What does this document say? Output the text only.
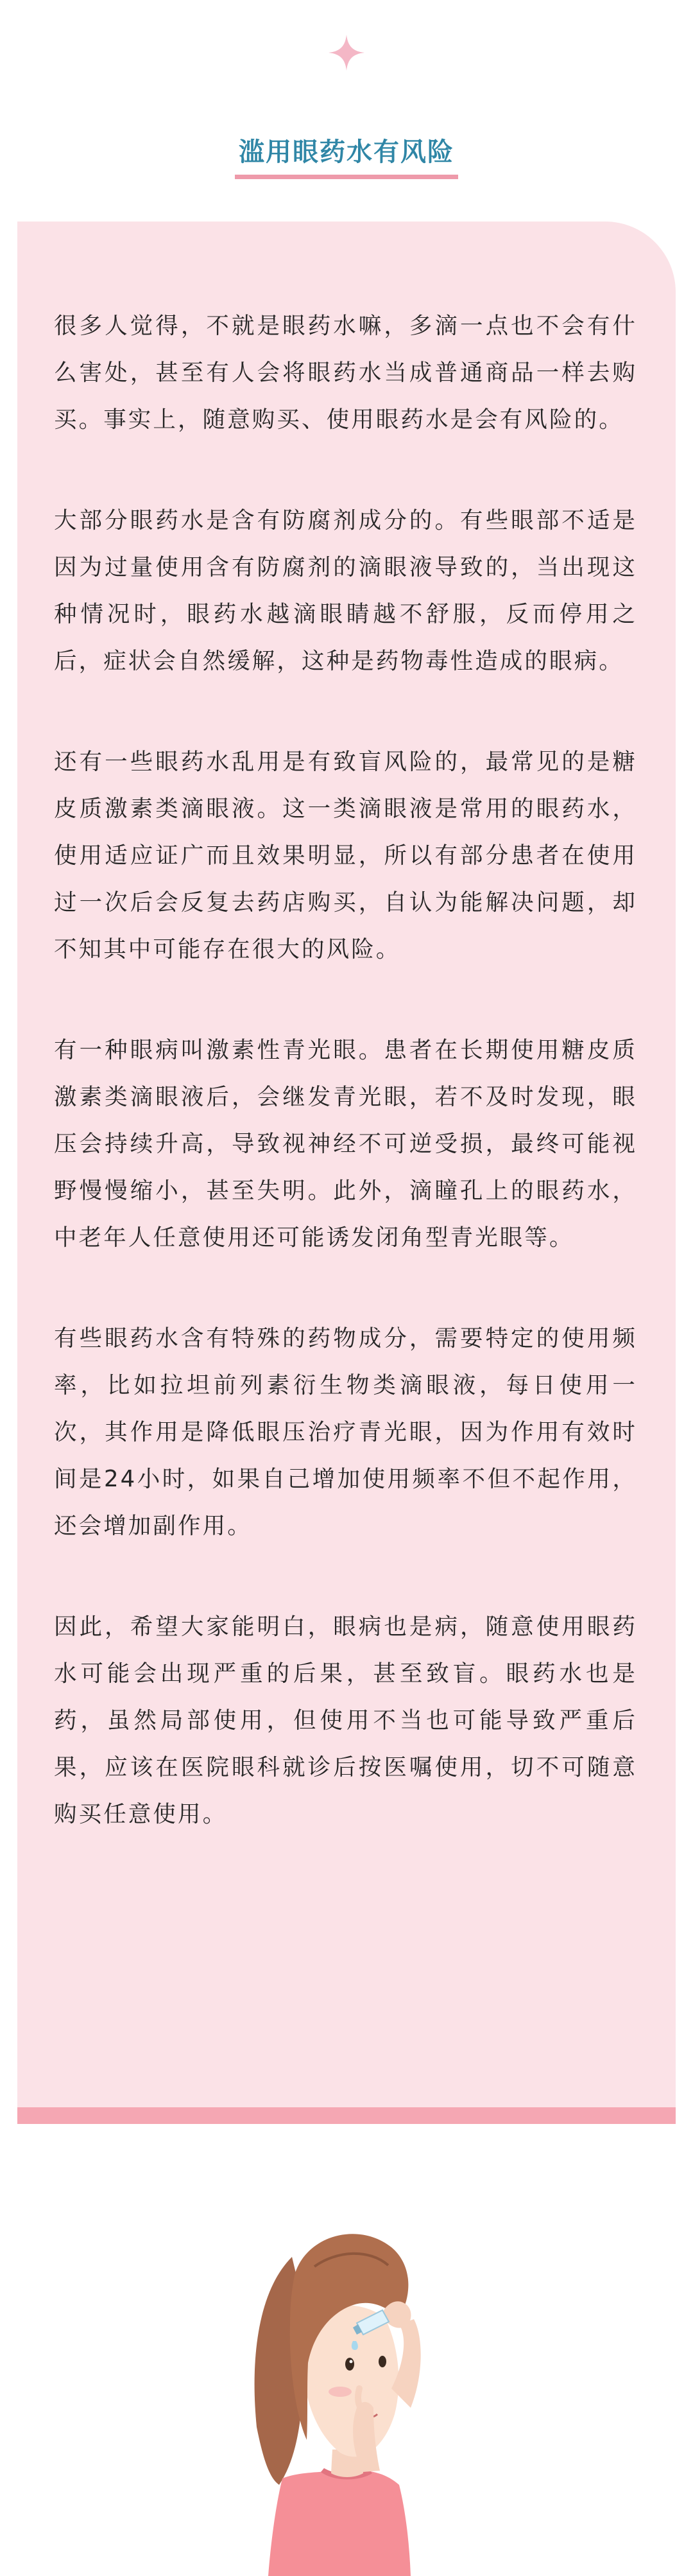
滥用眼药水有风险

很多人觉得，不就是眼药水嘛，多滴一点也不会有什么害处，甚至有人会将眼药水当成普通商品一样去购买。事实上，随意购买、使用眼药水是会有风险的。

大部分眼药水是含有防腐剂成分的。有些眼部不适是因为过量使用含有防腐剂的滴眼液导致的，当出现这种情况时，眼药水越滴眼睛越不舒服，反而停用之后，症状会自然缓解，这种是药物毒性造成的眼病。

还有一些眼药水乱用是有致盲风险的，最常见的是糖皮质激素类滴眼液。这一类滴眼液是常用的眼药水，使用适应证广而且效果明显，所以有部分患者在使用过一次后会反复去药店购买，自认为能解决问题，却不知其中可能存在很大的风险。

有一种眼病叫激素性青光眼。患者在长期使用糖皮质激素类滴眼液后，会继发青光眼，若不及时发现，眼压会持续升高，导致视神经不可逆受损，最终可能视野慢慢缩小，甚至失明。此外，滴瞳孔上的眼药水，中老年人任意使用还可能诱发闭角型青光眼等。

有些眼药水含有特殊的药物成分，需要特定的使用频率，比如拉坦前列素衍生物类滴眼液，每日使用一次，其作用是降低眼压治疗青光眼，因为作用有效时间是24小时，如果自己增加使用频率不但不起作用，还会增加副作用。

因此，希望大家能明白，眼病也是病，随意使用眼药水可能会出现严重的后果，甚至致盲。眼药水也是药，虽然局部使用，但使用不当也可能导致严重后果，应该在医院眼科就诊后按医嘱使用，切不可随意购买任意使用。
